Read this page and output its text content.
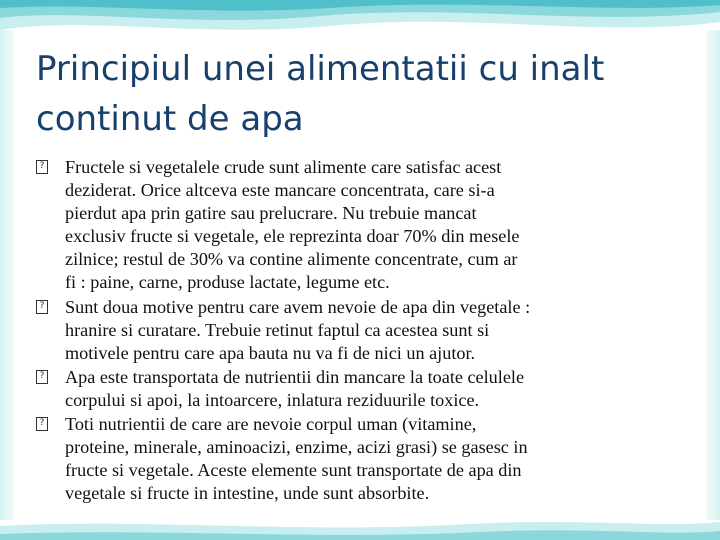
Principiul unei alimentatii cu inalt
continut de apa
? Fructele si vegetalele crude sunt alimente care satisfac acest
deziderat. Orice altceva este mancare concentrata, care si-a
pierdut apa prin gatire sau prelucrare. Nu trebuie mancat
exclusiv fructe si vegetale, ele reprezinta doar 70% din mesele
zilnice; restul de 30% va contine alimente concentrate, cum ar
fi : paine, carne, produse lactate, legume etc.
? Sunt doua motive pentru care avem nevoie de apa din vegetale :
hranire si curatare. Trebuie retinut faptul ca acestea sunt si
motivele pentru care apa bauta nu va fi de nici un ajutor.
? Apa este transportata de nutrientii din mancare la toate celulele
corpului si apoi, la intoarcere, inlatura reziduurile toxice.
? Toti nutrientii de care are nevoie corpul uman (vitamine,
proteine, minerale, aminoacizi, enzime, acizi grasi) se gasesc in
fructe si vegetale. Aceste elemente sunt transportate de apa din
vegetale si fructe in intestine, unde sunt absorbite.
